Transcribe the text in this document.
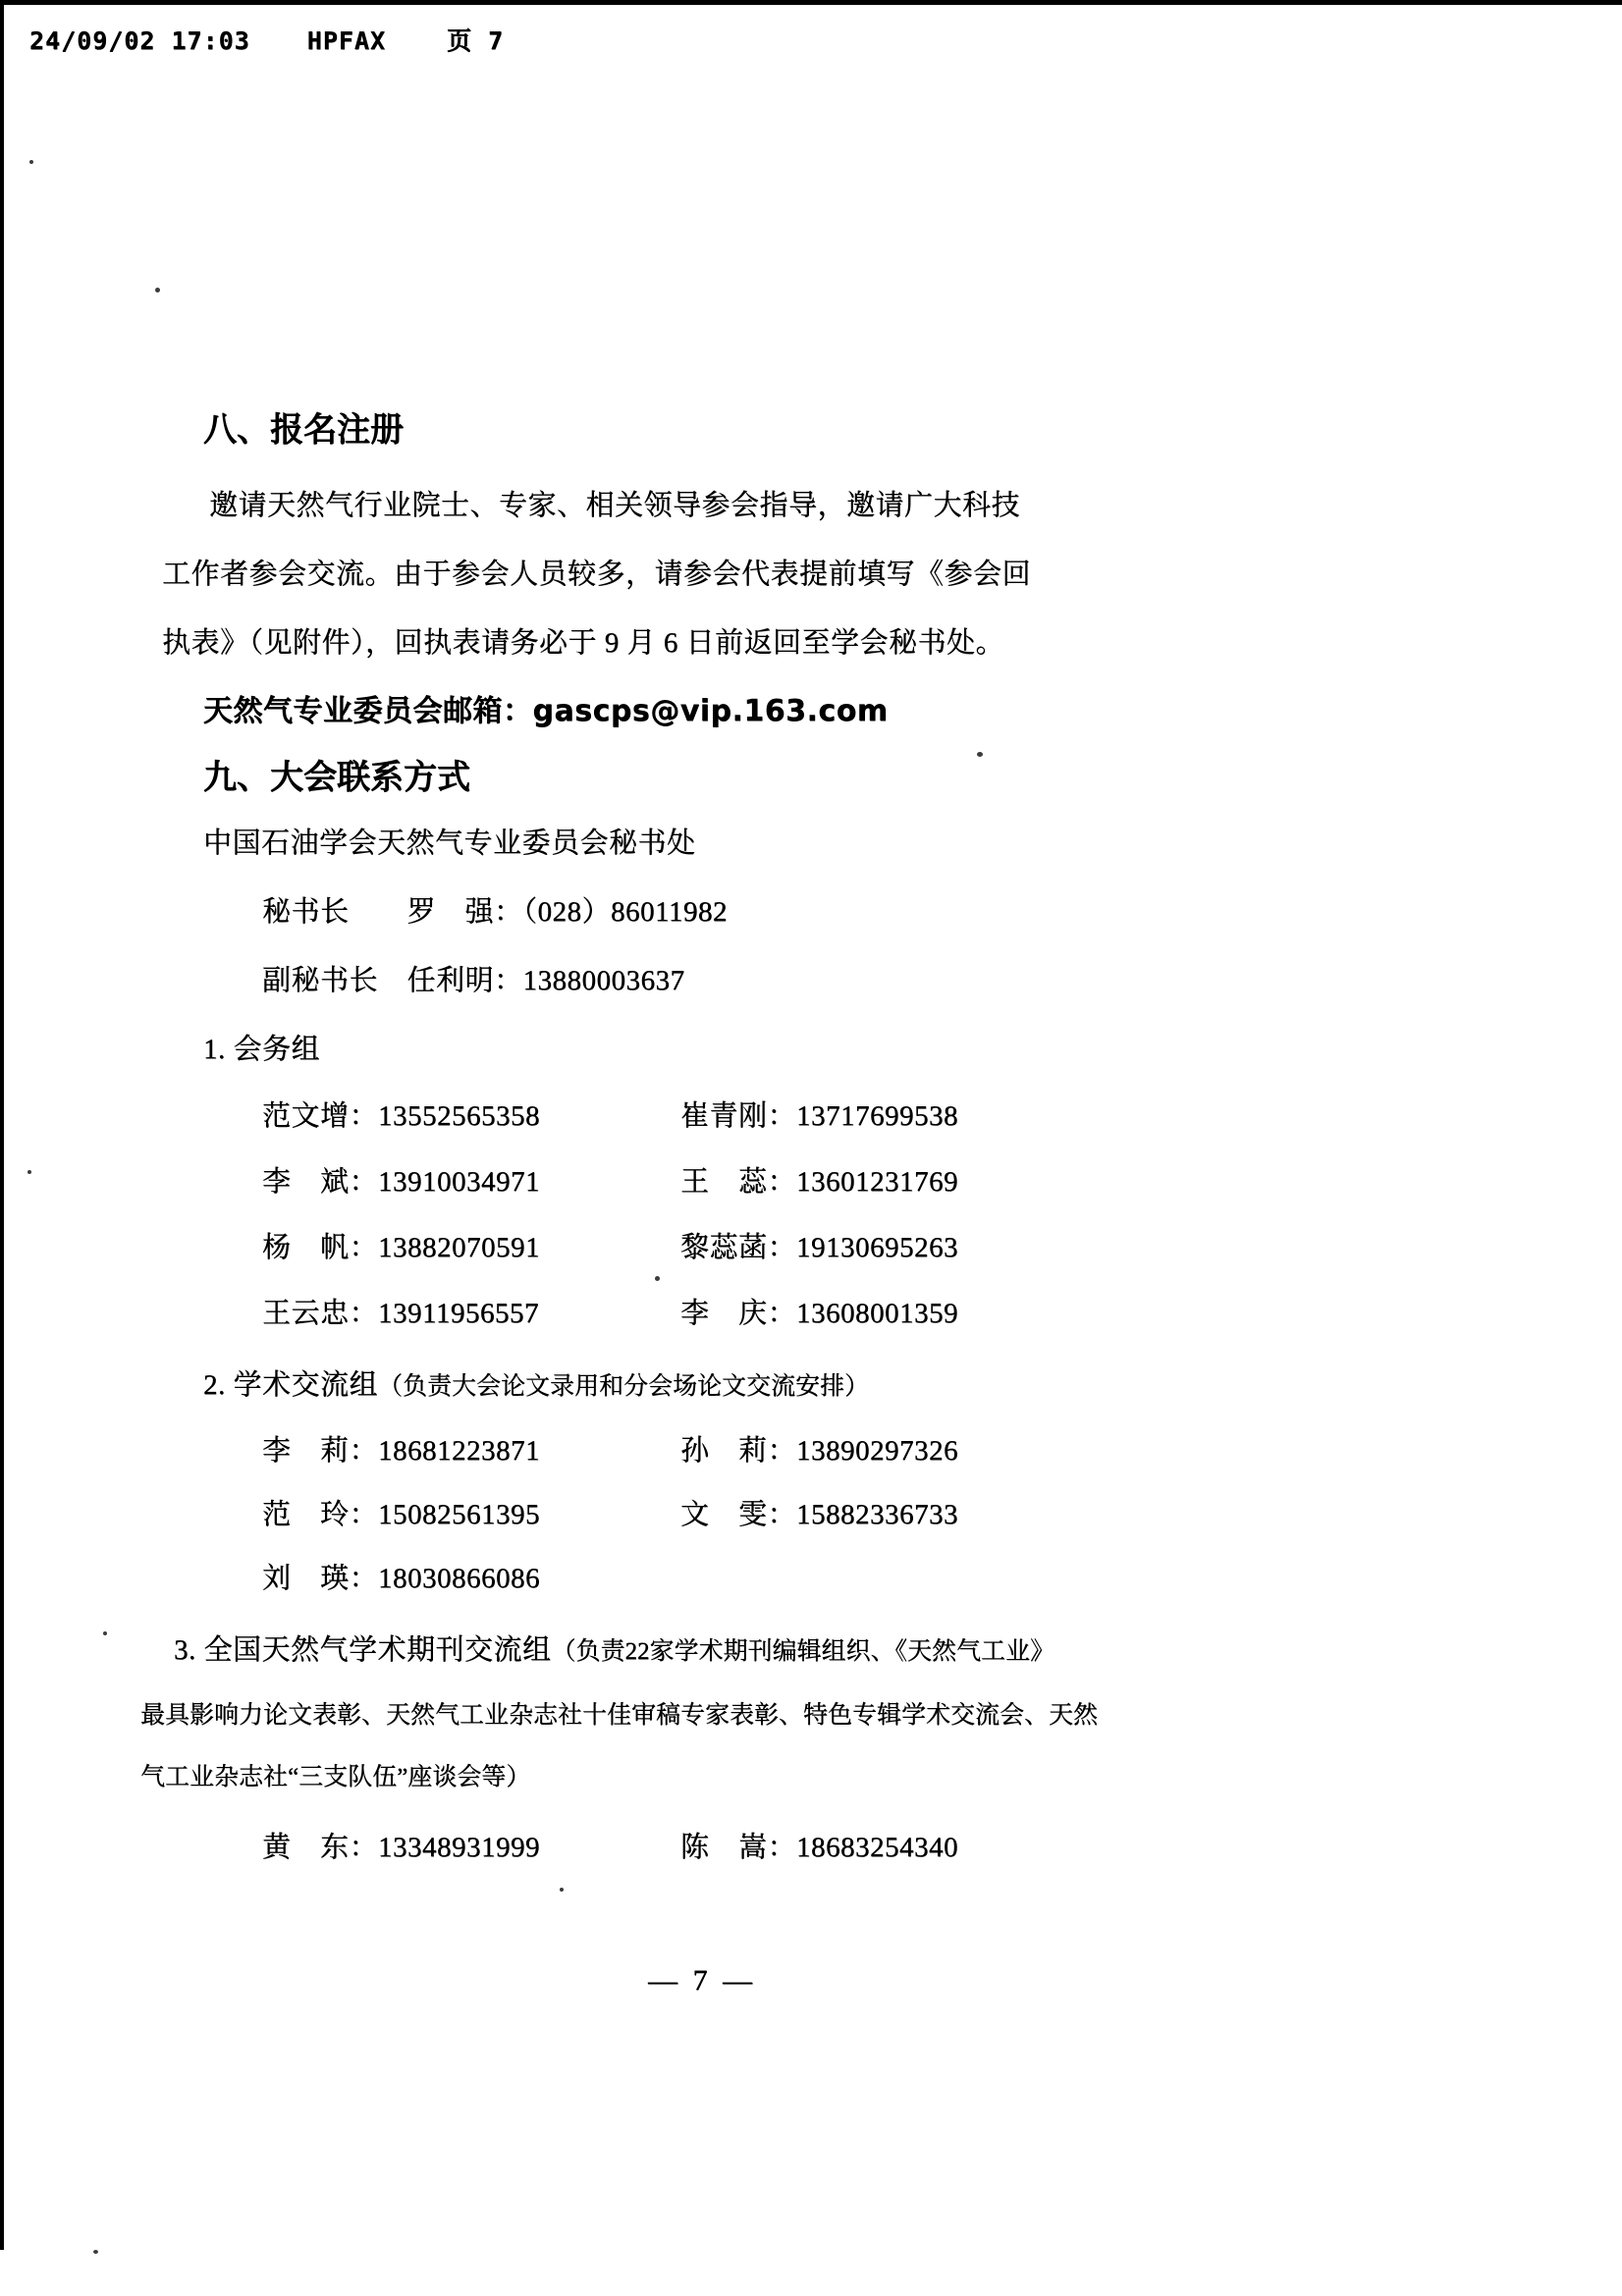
24/09/02 17:03 HPFAX 页 7
八、报名注册
邀请天然气行业院士、专家、相关领导参会指导，邀请广大科技
工作者参会交流。由于参会人员较多，请参会代表提前填写《参会回
执表》（见附件），回执表请务必于 9 月 6 日前返回至学会秘书处。
天然气专业委员会邮箱：gascps@vip.163.com
九、大会联系方式
中国石油学会天然气专业委员会秘书处
秘书长　　罗　强：（028）86011982
副秘书长　任利明：13880003637
1. 会务组
范文增：13552565358	崔青刚：13717699538
李　斌：13910034971	王　蕊：13601231769
杨　帆：13882070591	黎蕊菡：19130695263
王云忠：13911956557	李　庆：13608001359
2. 学术交流组（负责大会论文录用和分会场论文交流安排）
李　莉：18681223871	孙　莉：13890297326
范　玲：15082561395	文　雯：15882336733
刘　瑛：18030866086
3. 全国天然气学术期刊交流组（负责22家学术期刊编辑组织、《天然气工业》
最具影响力论文表彰、天然气工业杂志社十佳审稿专家表彰、特色专辑学术交流会、天然
气工业杂志社“三支队伍”座谈会等）
黄　东：13348931999	陈　嵩：18683254340
— 7 —
